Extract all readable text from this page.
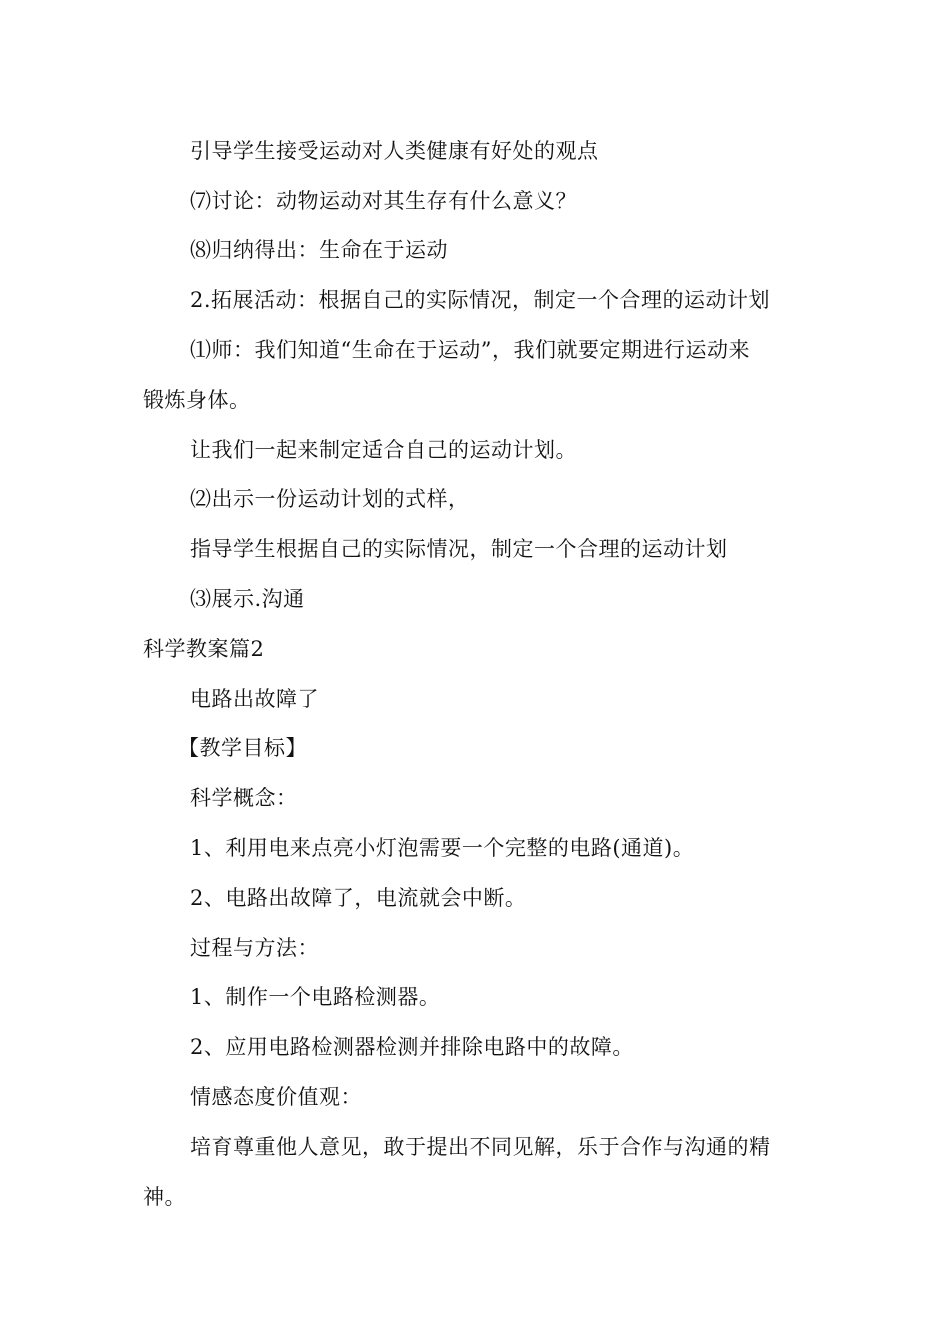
引导学生接受运动对人类健康有好处的观点
⑺讨论：动物运动对其生存有什么意义？
⑻归纳得出：生命在于运动
2.拓展活动：根据自己的实际情况，制定一个合理的运动计划
⑴师：我们知道“生命在于运动”，我们就要定期进行运动来
锻炼身体。
让我们一起来制定适合自己的运动计划。
⑵出示一份运动计划的式样，
指导学生根据自己的实际情况，制定一个合理的运动计划
⑶展示.沟通
科学教案篇2
电路出故障了
【教学目标】
科学概念：
1、利用电来点亮小灯泡需要一个完整的电路(通道)。
2、电路出故障了，电流就会中断。
过程与方法：
1、制作一个电路检测器。
2、应用电路检测器检测并排除电路中的故障。
情感态度价值观：
培育尊重他人意见，敢于提出不同见解，乐于合作与沟通的精
神。
